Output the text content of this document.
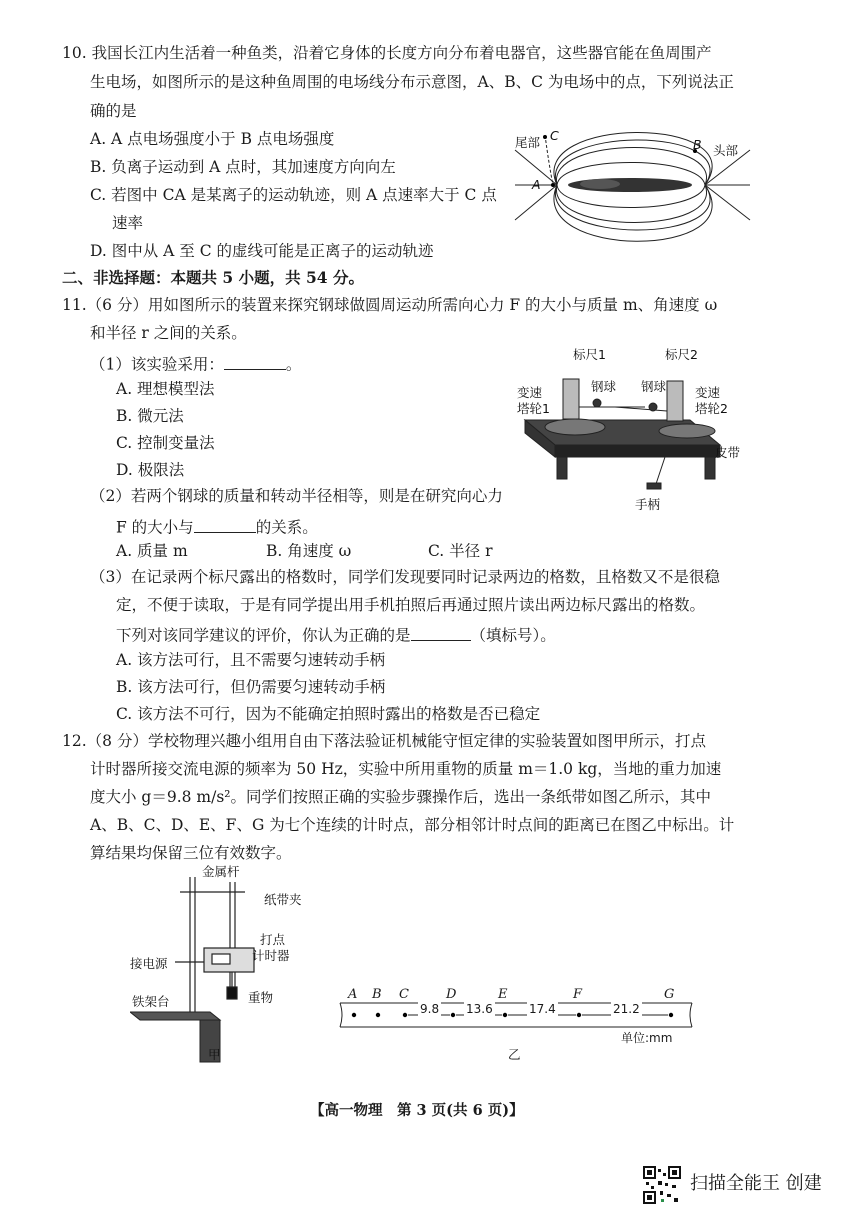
10. 我国长江内生活着一种鱼类，沿着它身体的长度方向分布着电器官，这些器官能在鱼周围产
生电场，如图所示的是这种鱼周围的电场线分布示意图，A、B、C 为电场中的点，下列说法正
确的是
A. A 点电场强度小于 B 点电场强度
B. 负离子运动到 A 点时，其加速度方向向左
C. 若图中 CA 是某离子的运动轨迹，则 A 点速率大于 C 点
速率
D. 图中从 A 至 C 的虚线可能是正离子的运动轨迹
尾部
头部
A
B
C
二、非选择题：本题共 5 小题，共 54 分。
11.（6 分）用如图所示的装置来探究钢球做圆周运动所需向心力 F 的大小与质量 m、角速度 ω
和半径 r 之间的关系。
（1）该实验采用：	。
A. 理想模型法
B. 微元法
C. 控制变量法
D. 极限法
（2）若两个钢球的质量和转动半径相等，则是在研究向心力
F 的大小与	的关系。
A. 质量 m	B. 角速度 ω	C. 半径 r
（3）在记录两个标尺露出的格数时，同学们发现要同时记录两边的格数，且格数又不是很稳
定，不便于读取，于是有同学提出用手机拍照后再通过照片读出两边标尺露出的格数。
下列对该同学建议的评价，你认为正确的是	（填标号）。
A. 该方法可行，且不需要匀速转动手柄
B. 该方法可行，但仍需要匀速转动手柄
C. 该方法不可行，因为不能确定拍照时露出的格数是否已稳定
标尺1	标尺2
变速
塔轮1
变速
塔轮2
钢球 钢球
皮带
手柄
12.（8 分）学校物理兴趣小组用自由下落法验证机械能守恒定律的实验装置如图甲所示，打点
计时器所接交流电源的频率为 50 Hz，实验中所用重物的质量 m＝1.0 kg，当地的重力加速
度大小 g＝9.8 m/s²。同学们按照正确的实验步骤操作后，选出一条纸带如图乙所示，其中
A、B、C、D、E、F、G 为七个连续的计时点，部分相邻计时点间的距离已在图乙中标出。计
算结果均保留三位有效数字。
金属杆
纸带夹
打点
计时器
接电源
重物
铁架台
甲
A B C	D	E	F	G
9.8 13.6	17.4	21.2
单位:mm
乙
【高一物理　第 3 页(共 6 页)】
扫描全能王 创建
